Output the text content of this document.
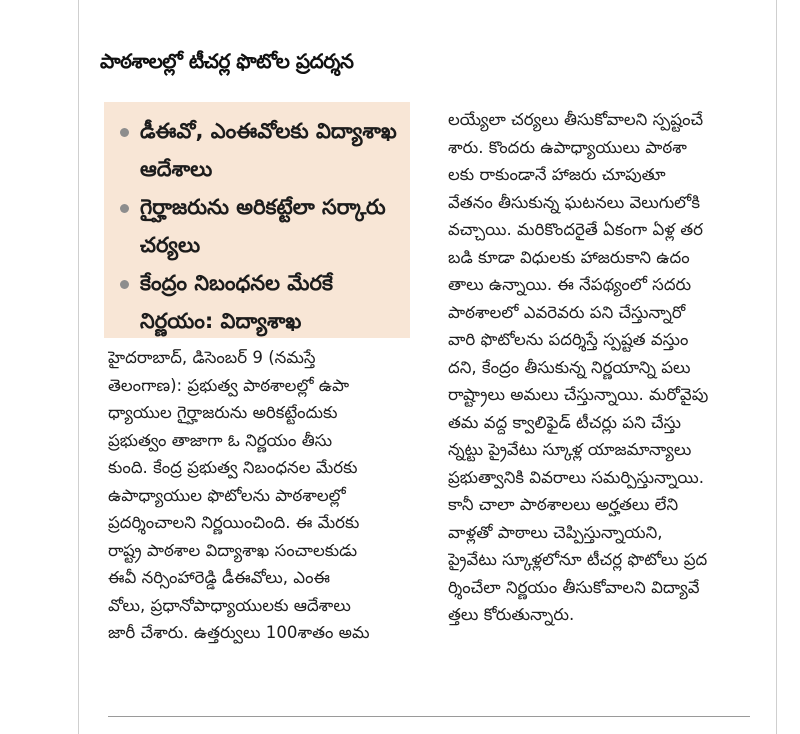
పాఠశాలల్లో టీచర్ల ఫొటోల ప్రదర్శన
డీఈవో, ఎంఈవోలకు విద్యాశాఖ ఆదేశాలు
గైర్హాజరును అరికట్టేలా సర్కారు చర్యలు
కేంద్రం నిబంధనల మేరకే నిర్ణయం: విద్యాశాఖ
హైదరాబాద్, డిసెంబర్ 9 (నమస్తే
తెలంగాణ): ప్రభుత్వ పాఠశాలల్లో ఉపా
ధ్యాయుల గైర్హాజరును అరికట్టేందుకు
ప్రభుత్వం తాజాగా ఓ నిర్ణయం తీసు
కుంది. కేంద్ర ప్రభుత్వ నిబంధనల మేరకు
ఉపాధ్యాయుల ఫొటోలను పాఠశాలల్లో
ప్రదర్శించాలని నిర్ణయించింది. ఈ మేరకు
రాష్ట్ర పాఠశాల విద్యాశాఖ సంచాలకుడు
ఈవీ నర్సింహారెడ్డి డీఈవోలు, ఎంఈ
వోలు, ప్రధానోపాధ్యాయులకు ఆదేశాలు
జారీ చేశారు. ఉత్తర్వులు 100శాతం అమ
లయ్యేలా చర్యలు తీసుకోవాలని స్పష్టంచే
శారు. కొందరు ఉపాధ్యాయులు పాఠశా
లకు రాకుండానే హాజరు చూపుతూ
వేతనం తీసుకున్న ఘటనలు వెలుగులోకి
వచ్చాయి. మరికొందరైతే ఏకంగా ఏళ్ల తర
బడి కూడా విధులకు హాజరుకాని ఉదం
తాలు ఉన్నాయి. ఈ నేపథ్యంలో సదరు
పాఠశాలలో ఎవరెవరు పని చేస్తున్నారో
వారి ఫొటోలను పదర్శిస్తే స్పష్టత వస్తుం
దని, కేంద్రం తీసుకున్న నిర్ణయాన్ని పలు
రాష్ట్రాలు అమలు చేస్తున్నాయి. మరోవైపు
తమ వద్ద క్వాలిఫైడ్ టీచర్లు పని చేస్తు
న్నట్టు ప్రైవేటు స్కూళ్ల యాజమాన్యాలు
ప్రభుత్వానికి వివరాలు సమర్పిస్తున్నాయి.
కానీ చాలా పాఠశాలలు అర్హతలు లేని
వాళ్లతో పాఠాలు చెప్పిస్తున్నాయని,
ప్రైవేటు స్కూళ్లలోనూ టీచర్ల ఫొటోలు ప్రద
ర్శించేలా నిర్ణయం తీసుకోవాలని విద్యావే
త్తలు కోరుతున్నారు.
